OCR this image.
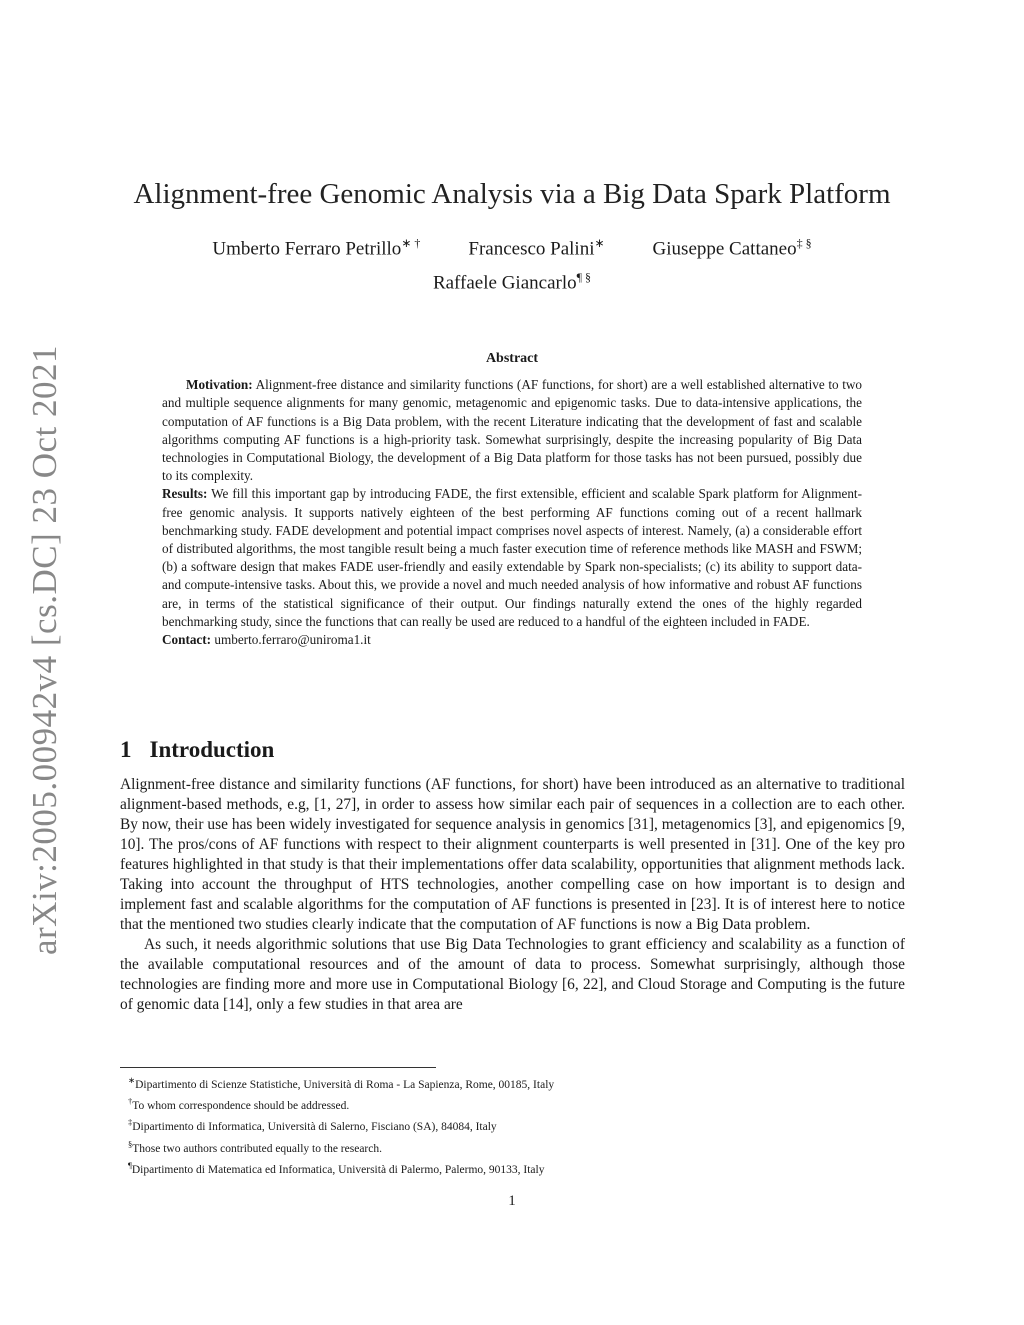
arXiv:2005.00942v4 [cs.DC] 23 Oct 2021
Alignment-free Genomic Analysis via a Big Data Spark Platform
Umberto Ferraro Petrillo∗ †	Francesco Palini∗	Giuseppe Cattaneo‡ §
Raffaele Giancarlo¶ §
Abstract

Motivation: Alignment-free distance and similarity functions (AF functions, for short) are a well established alternative to two and multiple sequence alignments for many genomic, metagenomic and epigenomic tasks. Due to data-intensive applications, the computation of AF functions is a Big Data problem, with the recent Literature indicating that the development of fast and scalable algorithms computing AF functions is a high-priority task. Somewhat surprisingly, despite the increasing popularity of Big Data technologies in Computational Biology, the development of a Big Data platform for those tasks has not been pursued, possibly due to its complexity.

Results: We fill this important gap by introducing FADE, the first extensible, efficient and scalable Spark platform for Alignment-free genomic analysis. It supports natively eighteen of the best performing AF functions coming out of a recent hallmark benchmarking study. FADE development and potential impact comprises novel aspects of interest. Namely, (a) a considerable effort of distributed algorithms, the most tangible result being a much faster execution time of reference methods like MASH and FSWM; (b) a software design that makes FADE user-friendly and easily extendable by Spark non-specialists; (c) its ability to support data- and compute-intensive tasks. About this, we provide a novel and much needed analysis of how informative and robust AF functions are, in terms of the statistical significance of their output. Our findings naturally extend the ones of the highly regarded benchmarking study, since the functions that can really be used are reduced to a handful of the eighteen included in FADE.

Contact: umberto.ferraro@uniroma1.it

1 Introduction

Alignment-free distance and similarity functions (AF functions, for short) have been introduced as an alternative to traditional alignment-based methods, e.g, [1, 27], in order to assess how similar each pair of sequences in a collection are to each other. By now, their use has been widely investigated for sequence analysis in genomics [31], metagenomics [3], and epigenomics [9, 10]. The pros/cons of AF functions with respect to their alignment counterparts is well presented in [31]. One of the key pro features highlighted in that study is that their implementations offer data scalability, opportunities that alignment methods lack. Taking into account the throughput of HTS technologies, another compelling case on how important is to design and implement fast and scalable algorithms for the computation of AF functions is presented in [23]. It is of interest here to notice that the mentioned two studies clearly indicate that the computation of AF functions is now a Big Data problem.

As such, it needs algorithmic solutions that use Big Data Technologies to grant efficiency and scalability as a function of the available computational resources and of the amount of data to process. Somewhat surprisingly, although those technologies are finding more and more use in Computational Biology [6, 22], and Cloud Storage and Computing is the future of genomic data [14], only a few studies in that area are

∗Dipartimento di Scienze Statistiche, Università di Roma - La Sapienza, Rome, 00185, Italy
†To whom correspondence should be addressed.
‡Dipartimento di Informatica, Università di Salerno, Fisciano (SA), 84084, Italy
§Those two authors contributed equally to the research.
¶Dipartimento di Matematica ed Informatica, Università di Palermo, Palermo, 90133, Italy
1
